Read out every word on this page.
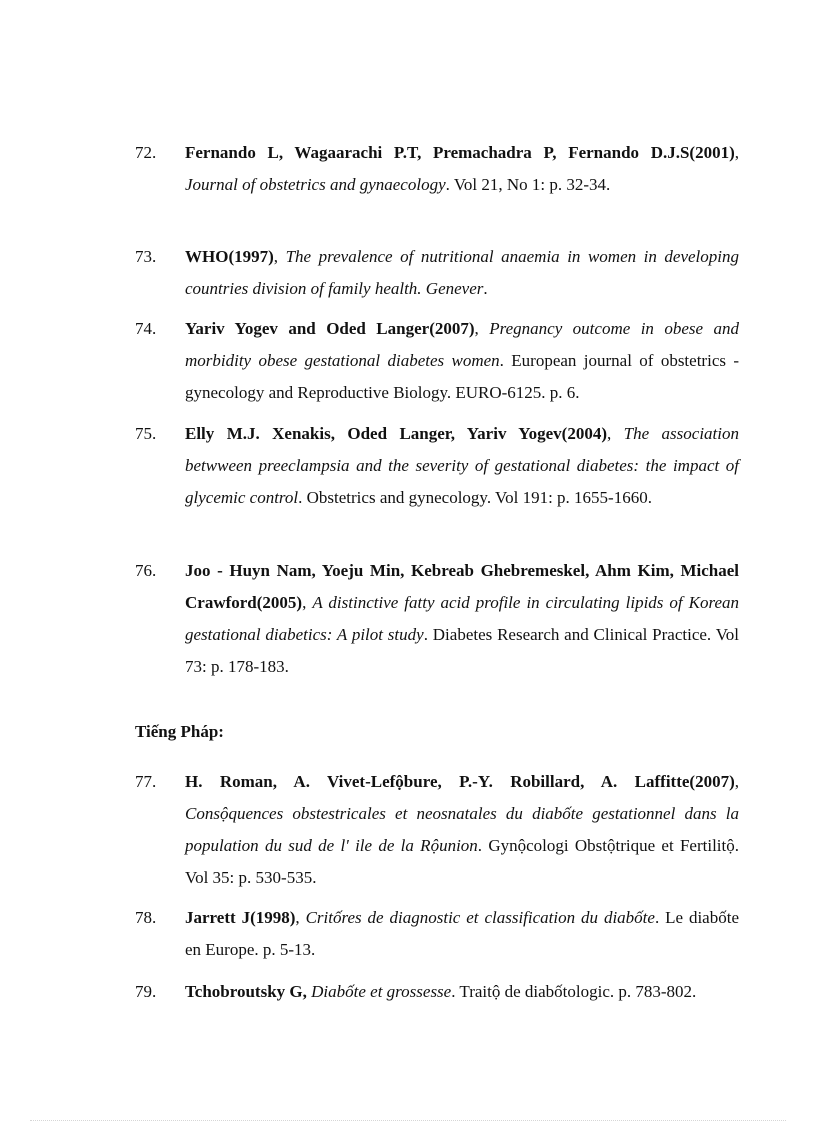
72.	Fernando L, Wagaarachi P.T, Premachadra P, Fernando D.J.S(2001), Journal of obstetrics and gynaecology. Vol 21, No 1: p. 32-34.
73.	WHO(1997), The prevalence of nutritional anaemia in women in developing countries division of family health. Genever.
74.	Yariv Yogev and Oded Langer(2007), Pregnancy outcome in obese and morbidity obese gestational diabetes women. European journal of obstetrics - gynecology and Reproductive Biology. EURO-6125. p. 6.
75.	Elly M.J. Xenakis, Oded Langer, Yariv Yogev(2004), The association betwween preeclampsia and the severity of gestational diabetes: the impact of glycemic control. Obstetrics and gynecology. Vol 191: p. 1655-1660.
76.	Joo - Huyn Nam, Yoeju Min, Kebreab Ghebremeskel, Ahm Kim, Michael Crawford(2005), A distinctive fatty acid profile in circulating lipids of Korean gestational diabetics: A pilot study. Diabetes Research and Clinical Practice. Vol 73: p. 178-183.
Tiếng Pháp:
77.	H. Roman, A. Vivet-Lefộbure, P.-Y. Robillard, A. Laffitte(2007), Consộquences obstestricales et neosnatales du diabốte gestationnel dans la population du sud de l' ile de la Rộunion. Gynộcologi Obstộtrique et Fertilitộ. Vol 35: p. 530-535.
78.	Jarrett J(1998), Critốres de diagnostic et classification du diabốte. Le diabốte en Europe. p. 5-13.
79.	Tchobroutsky G, Diabốte et grossesse. Traitộ de diabốtologic. p. 783-802.
